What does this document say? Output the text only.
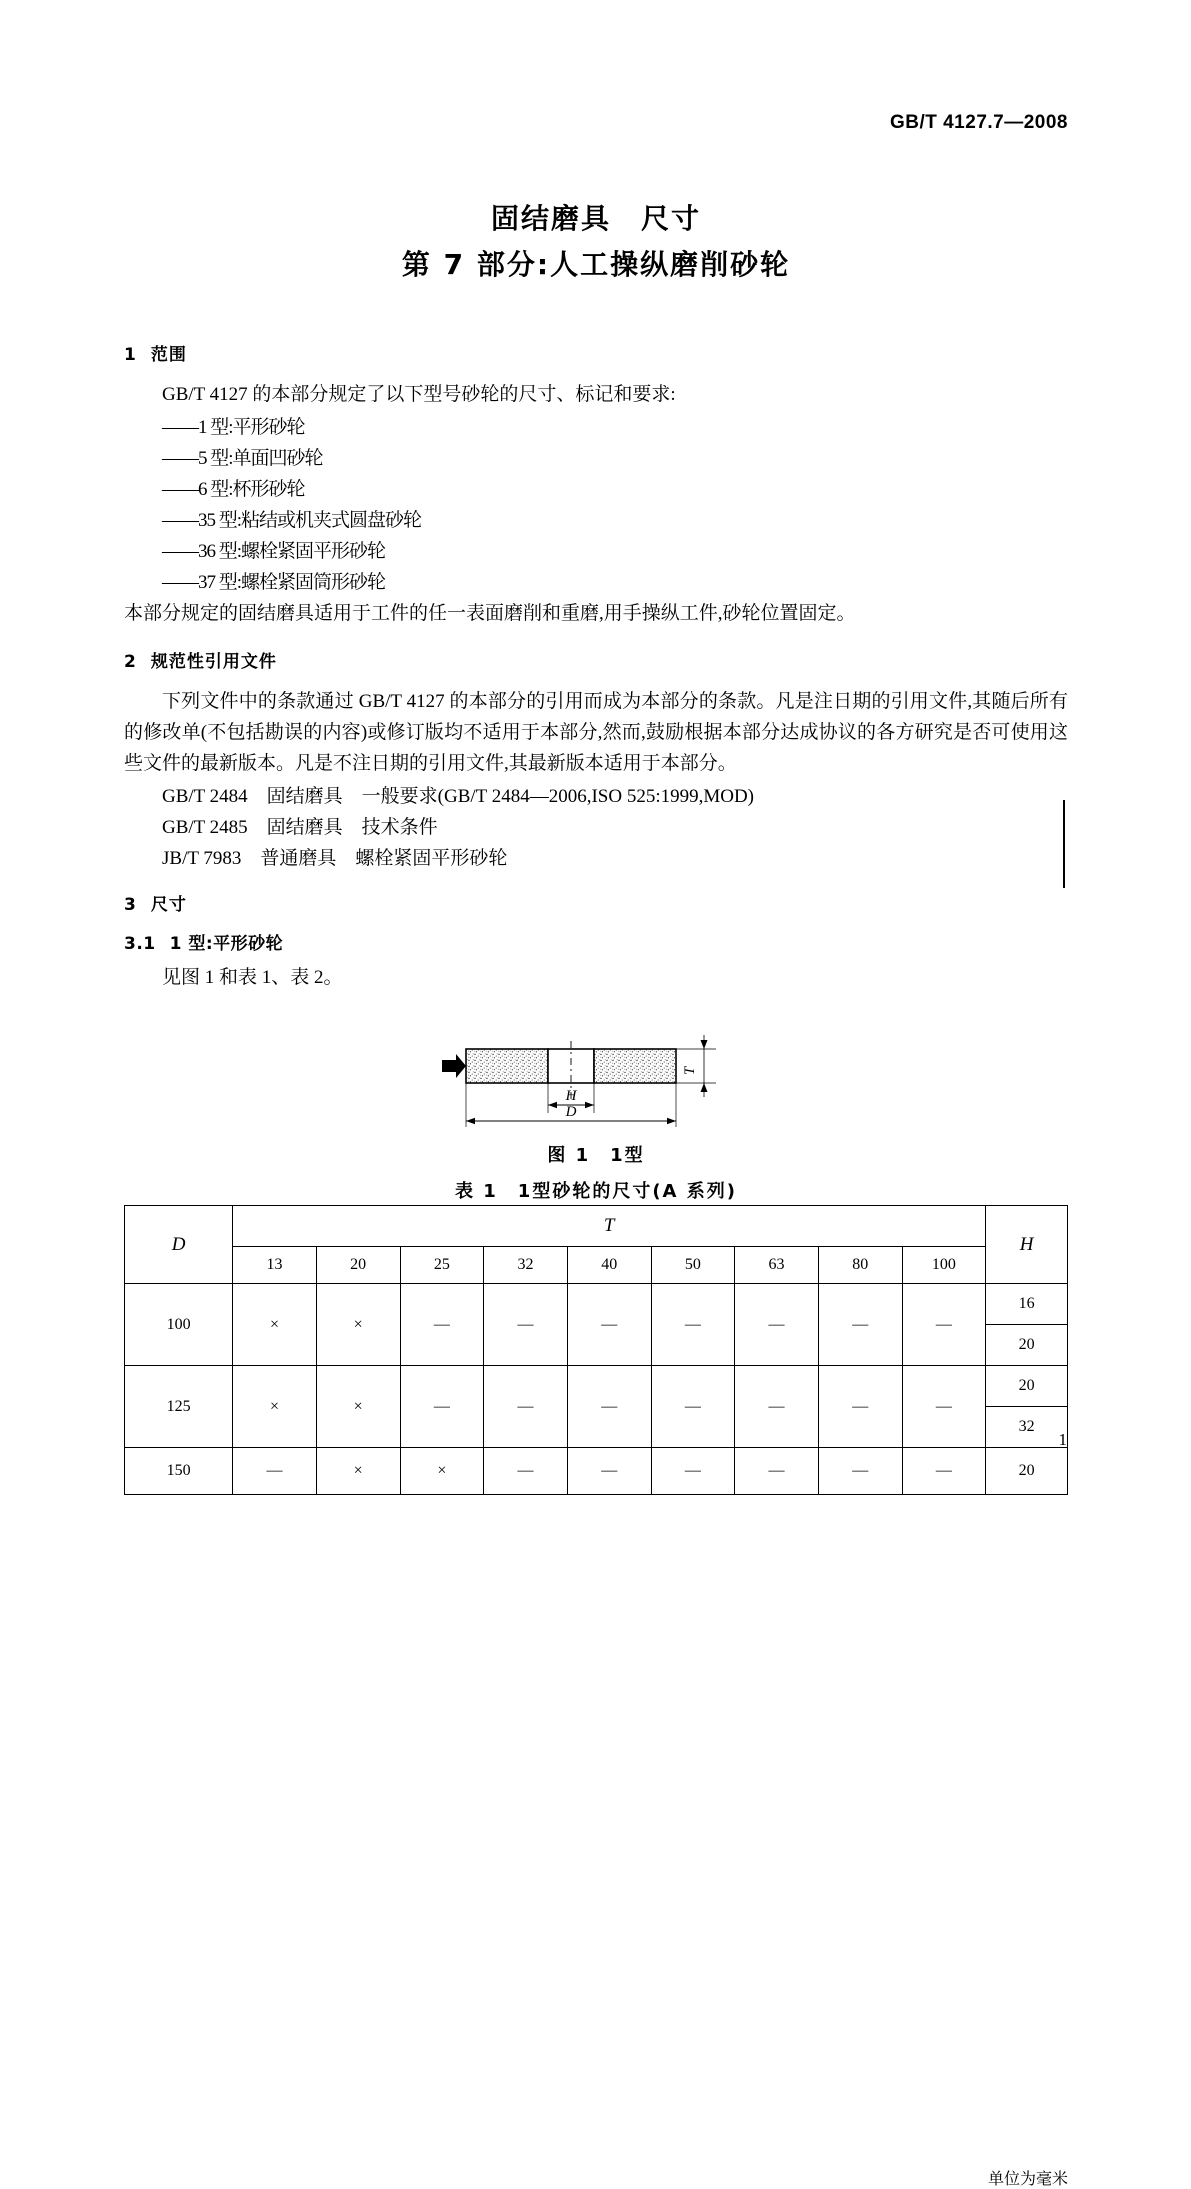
GB/T 4127.7—2008
固结磨具　尺寸
第 7 部分:人工操纵磨削砂轮
1 范围

GB/T 4127 的本部分规定了以下型号砂轮的尺寸、标记和要求:

——1 型:平形砂轮

——5 型:单面凹砂轮

——6 型:杯形砂轮

——35 型:粘结或机夹式圆盘砂轮

——36 型:螺栓紧固平形砂轮

——37 型:螺栓紧固筒形砂轮

本部分规定的固结磨具适用于工件的任一表面磨削和重磨,用手操纵工件,砂轮位置固定。

2 规范性引用文件

下列文件中的条款通过 GB/T 4127 的本部分的引用而成为本部分的条款。凡是注日期的引用文件,其随后所有的修改单(不包括勘误的内容)或修订版均不适用于本部分,然而,鼓励根据本部分达成协议的各方研究是否可使用这些文件的最新版本。凡是不注日期的引用文件,其最新版本适用于本部分。

GB/T 2484　固结磨具　一般要求(GB/T 2484—2006,ISO 525:1999,MOD)

GB/T 2485　固结磨具　技术条件

JB/T 7983　普通磨具　螺栓紧固平形砂轮

3 尺寸
3.1 1 型:平形砂轮

见图 1 和表 1、表 2。

T
H
D
图 1　1型
表 1　1型砂轮的尺寸(A 系列)
单位为毫米
D	T									H
	13	20	25	32	40	50	63	80	100	
100	×	×	—	—	—	—	—	—	—	16
										20
125	×	×	—	—	—	—	—	—	—	20
										32
150	—	×	×	—	—	—	—	—	—	20
1
